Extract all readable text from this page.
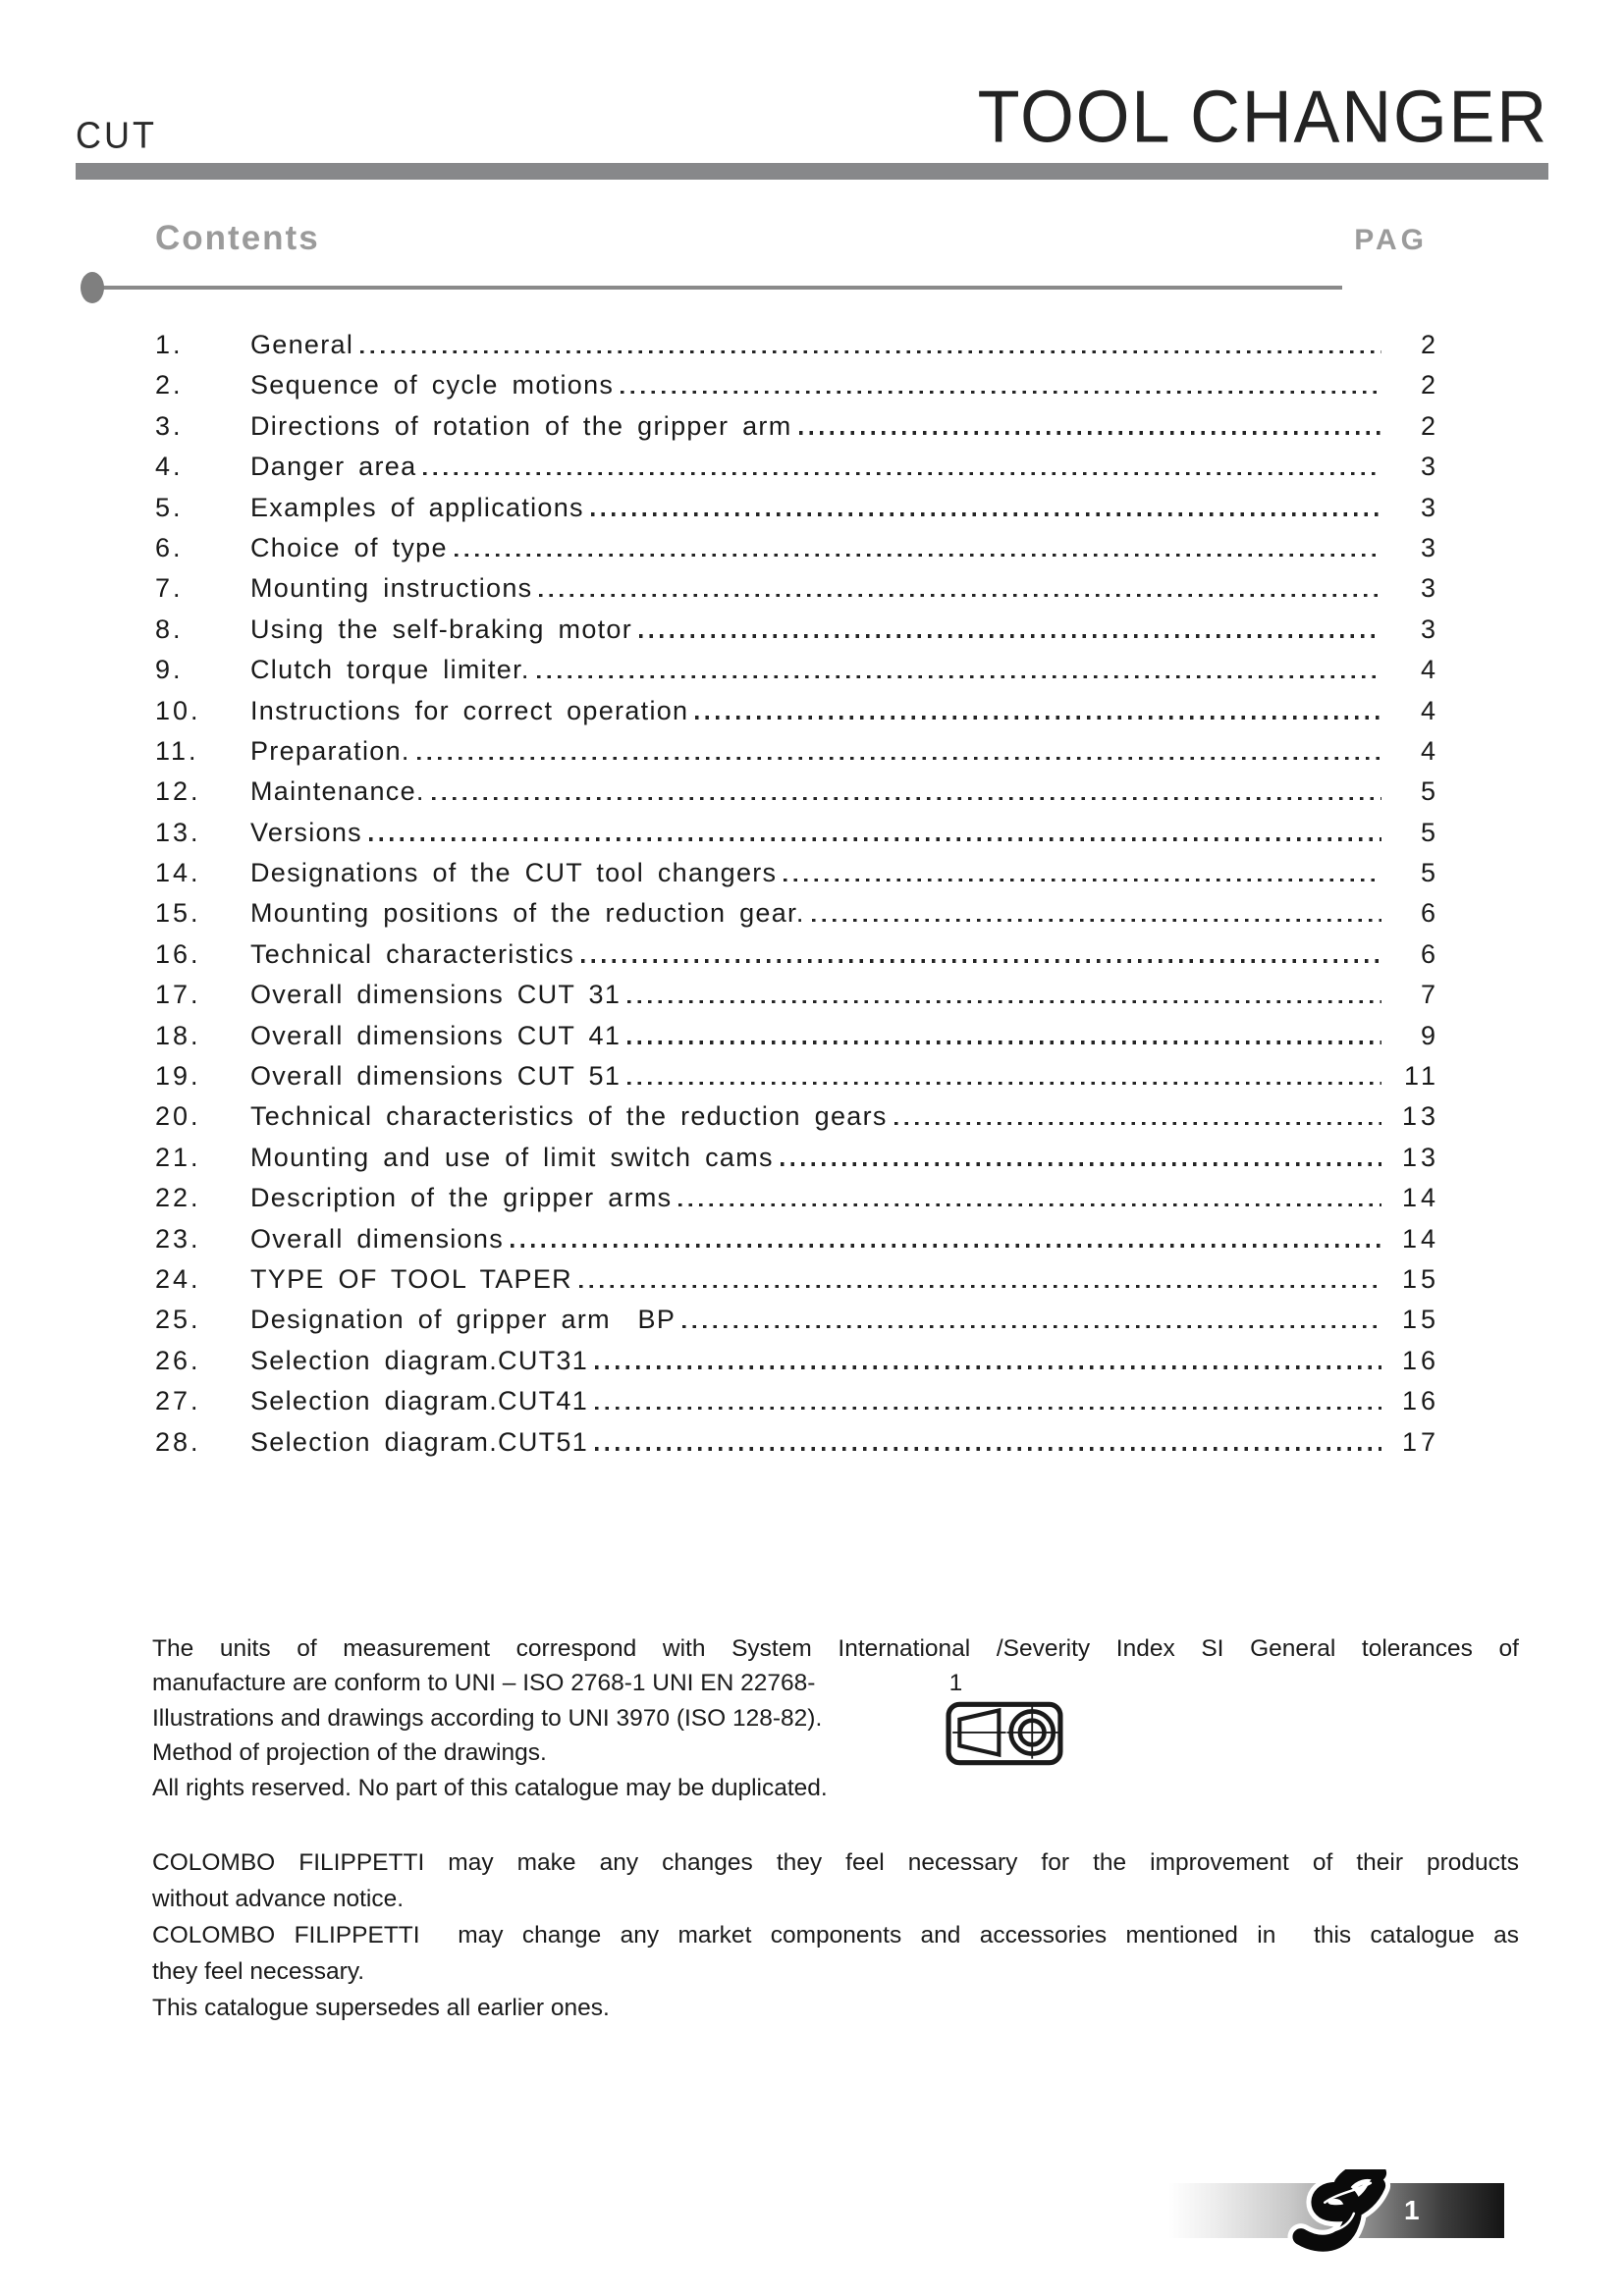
CUT	TOOL CHANGER
Contents	PAG
1.	General	2
2.	Sequence of cycle motions	2
3.	Directions of rotation of the gripper arm	2
4.	Danger area	3
5.	Examples of applications	3
6.	Choice of type	3
7.	Mounting instructions	3
8.	Using the self-braking motor	3
9.	Clutch torque limiter.	4
10.	Instructions for correct operation	4
11.	Preparation.	4
12.	Maintenance.	5
13.	Versions	5
14.	Designations of the CUT tool changers	5
15.	Mounting positions of the reduction gear.	6
16.	Technical characteristics	6
17.	Overall dimensions CUT 31	7
18.	Overall dimensions CUT 41	9
19.	Overall dimensions CUT 51	11
20.	Technical characteristics of the reduction gears	13
21.	Mounting and use of limit switch cams	13
22.	Description of the gripper arms	14
23.	Overall dimensions	14
24.	TYPE OF TOOL TAPER	15
25.	Designation of gripper arm  BP	15
26.	Selection diagram.CUT31	16
27.	Selection diagram.CUT41	16
28.	Selection diagram.CUT51	17
The units of measurement correspond with System International /Severity Index SI General tolerances of
manufacture are conform to UNI – ISO 2768-1 UNI EN 22768-                    1
Illustrations and drawings according to UNI 3970 (ISO 128-82).
Method of projection of the drawings.
All rights reserved. No part of this catalogue may be duplicated.
COLOMBO FILIPPETTI may make any changes they feel necessary for the improvement of their products
without advance notice.
COLOMBO FILIPPETTI  may change any market components and accessories mentioned in  this catalogue as
they feel necessary.
This catalogue supersedes all earlier ones.
1
